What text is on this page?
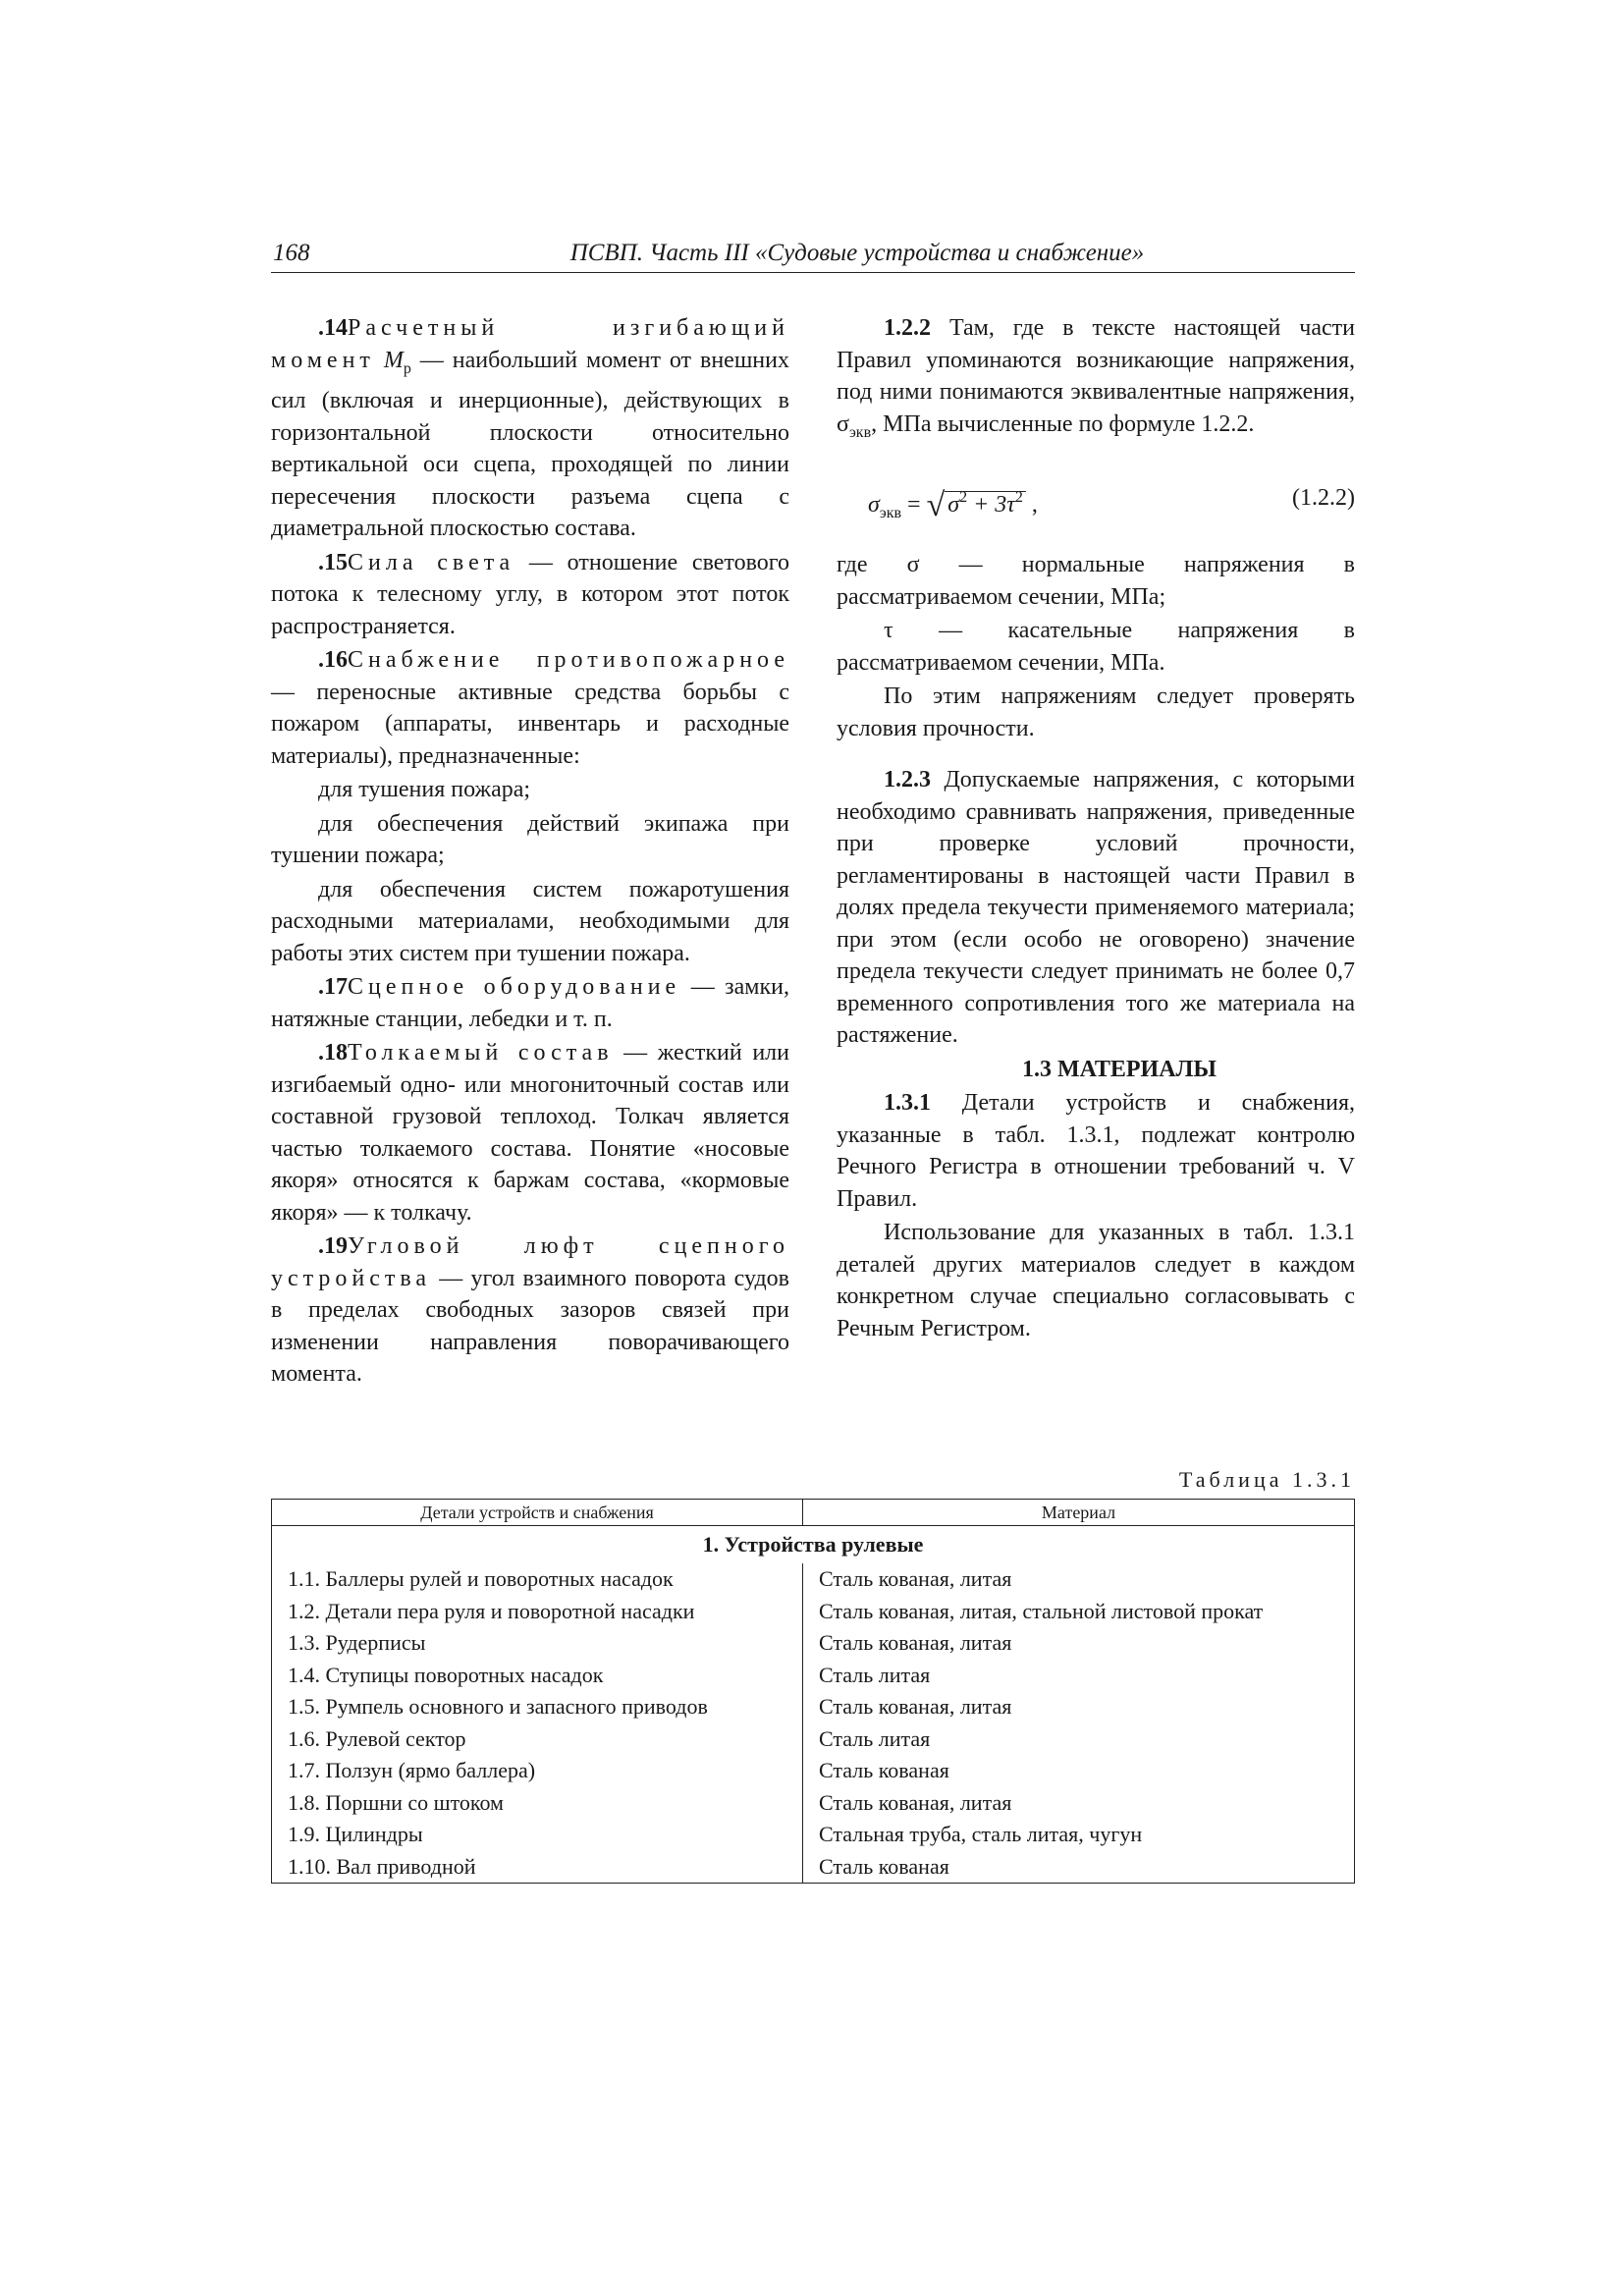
168	ПСВП. Часть III «Судовые устройства и снабжение»

.14Расчетный изгибающий момент $M_р$ — наибольший момент от внешних сил (включая и инерционные), действующих в горизонтальной плоскости относительно вертикальной оси сцепа, проходящей по линии пересечения плоскости разъема сцепа с диаметральной плоскостью состава.

.15Сила света — отношение светового потока к телесному углу, в котором этот поток распространяется.

.16Снабжение противопожарное — переносные активные средства борьбы с пожаром (аппараты, инвентарь и расходные материалы), предназначенные:

для тушения пожара;

для обеспечения действий экипажа при тушении пожара;

для обеспечения систем пожаротушения расходными материалами, необходимыми для работы этих систем при тушении пожара.

.17Сцепное оборудование — замки, натяжные станции, лебедки и т. п.

.18Толкаемый состав — жесткий или изгибаемый одно- или многониточный состав или составной грузовой теплоход. Толкач является частью толкаемого состава. Понятие «носовые якоря» относятся к баржам состава, «кормовые якоря» — к толкачу.

.19Угловой люфт сцепного устройства — угол взаимного поворота судов в пределах свободных зазоров связей при изменении направления поворачивающего момента.

1.2.2 Там, где в тексте настоящей части Правил упоминаются возникающие напряжения, под ними понимаются эквивалентные напряжения, $\sigma_{экв}$, МПа вычисленные по формуле 1.2.2.

$\sigma_{экв}$ = √ $\sigma^2 + 3\tau^2$ ,	(1.2.2)

где σ — нормальные напряжения в рассматриваемом сечении, МПа;

τ — касательные напряжения в рассматриваемом сечении, МПа.

По этим напряжениям следует проверять условия прочности.

1.2.3 Допускаемые напряжения, с которыми необходимо сравнивать напряжения, приведенные при проверке условий прочности, регламентированы в настоящей части Правил в долях предела текучести применяемого материала; при этом (если особо не оговорено) значение предела текучести следует принимать не более 0,7 временного сопротивления того же материала на растяжение.

1.3 МАТЕРИАЛЫ

1.3.1 Детали устройств и снабжения, указанные в табл. 1.3.1, подлежат контролю Речного Регистра в отношении требований ч. V Правил.

Использование для указанных в табл. 1.3.1 деталей других материалов следует в каждом конкретном случае специально согласовывать с Речным Регистром.

Таблица 1.3.1
Детали устройств и снабжения	Материал
1. Устройства рулевые	
1.1. Баллеры рулей и поворотных насадок	Сталь кованая, литая
1.2. Детали пера руля и поворотной насадки	Сталь кованая, литая, стальной листовой прокат
1.3. Рудерписы	Сталь кованая, литая
1.4. Ступицы поворотных насадок	Сталь литая
1.5. Румпель основного и запасного приводов	Сталь кованая, литая
1.6. Рулевой сектор	Сталь литая
1.7. Ползун (ярмо баллера)	Сталь кованая
1.8. Поршни со штоком	Сталь кованая, литая
1.9. Цилиндры	Стальная труба, сталь литая, чугун
1.10. Вал приводной	Сталь кованая
